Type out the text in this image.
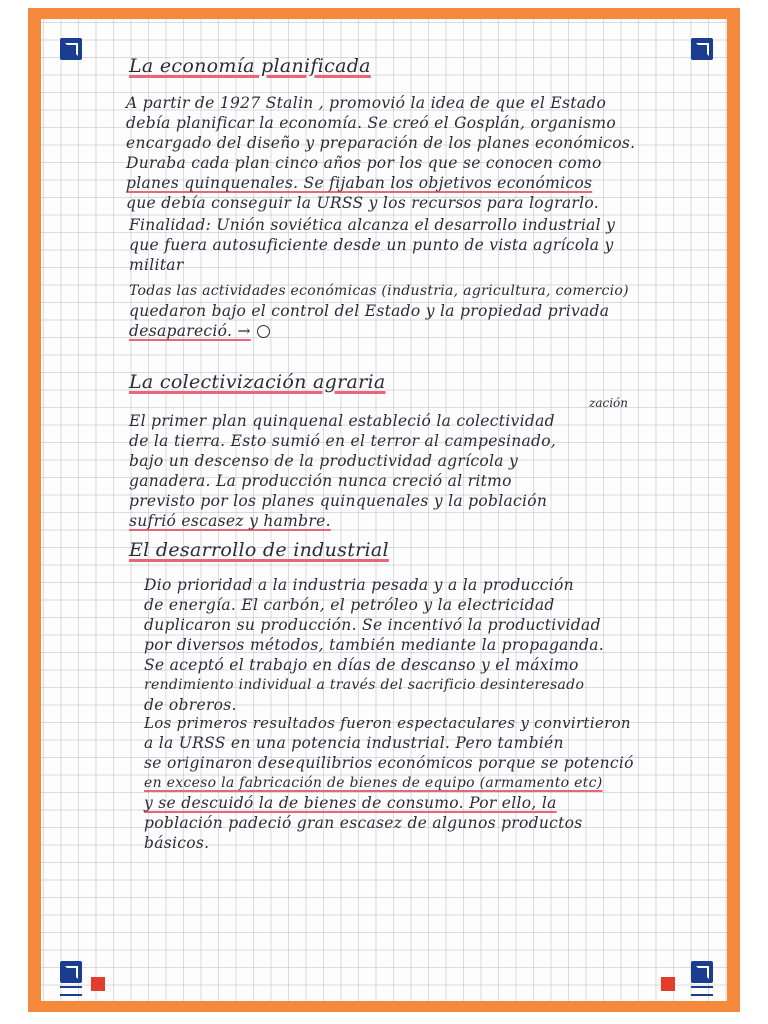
La economía planificada
A partir de 1927 Stalin , promovió la idea de que el Estado
debía planificar la economía. Se creó el Gosplán, organismo
encargado del diseño y preparación de los planes económicos.
Duraba cada plan cinco años por los que se conocen como
planes quinquenales. Se fijaban los objetivos económicos
que debía conseguir la URSS y los recursos para lograrlo.
Finalidad: Unión soviética alcanza el desarrollo industrial y
que fuera autosuficiente desde un punto de vista agrícola y
militar
Todas las actividades económicas (industria, agricultura, comercio)
quedaron bajo el control del Estado y la propiedad privada
desapareció. →
La colectivización agraria
zación
El primer plan quinquenal estableció la colectividad
de la tierra. Esto sumió en el terror al campesinado,
bajo un descenso de la productividad agrícola y
ganadera. La producción nunca creció al ritmo
previsto por los planes quinquenales y la población
sufrió escasez y hambre.
El desarrollo de industrial
Dio prioridad a la industria pesada y a la producción
de energía. El carbón, el petróleo y la electricidad
duplicaron su producción. Se incentivó la productividad
por diversos métodos, también mediante la propaganda.
Se aceptó el trabajo en días de descanso y el máximo
rendimiento individual a través del sacrificio desinteresado
de obreros.
Los primeros resultados fueron espectaculares y convirtieron
a la URSS en una potencia industrial. Pero también
se originaron desequilibrios económicos porque se potenció
en exceso la fabricación de bienes de equipo (armamento etc)
y se descuidó la de bienes de consumo. Por ello, la
población padeció gran escasez de algunos productos
básicos.
